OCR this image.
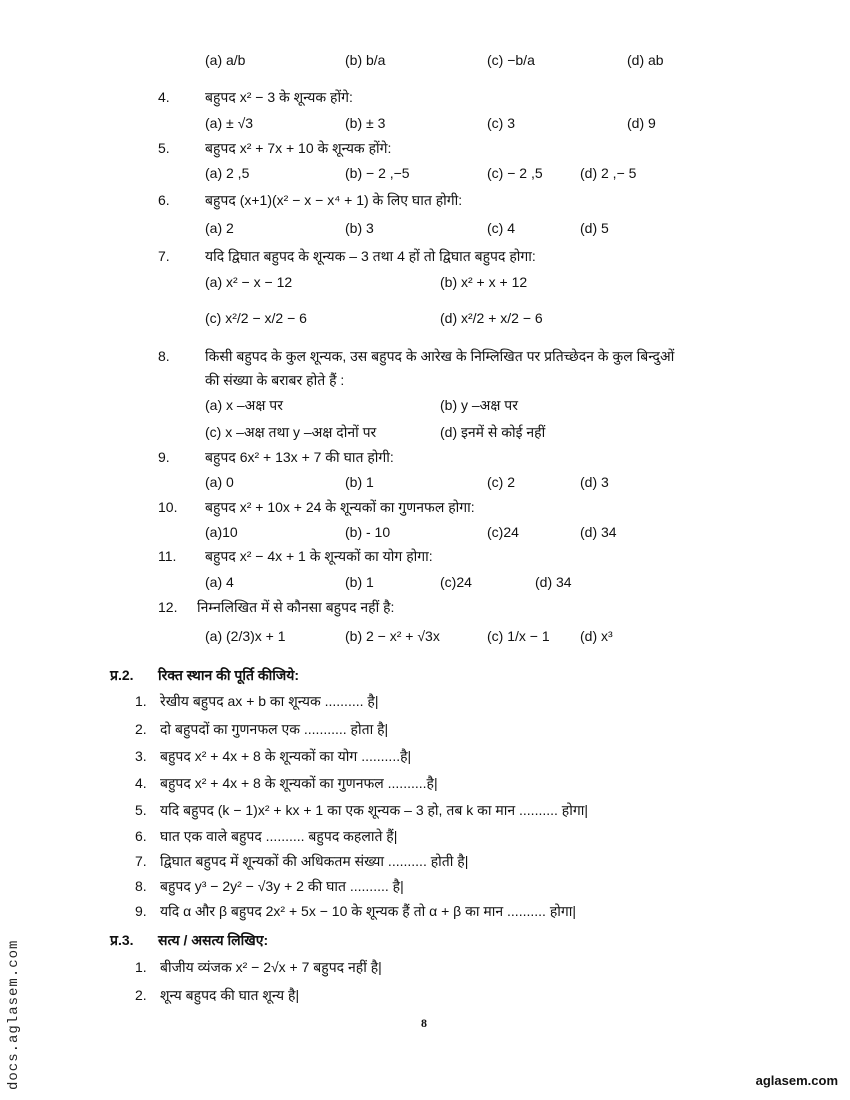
(a) a/b	(b) b/a	(c) −b/a	(d) ab
4.	बहुपद x² − 3 के शून्यक होंगे:
(a) ± √3	(b) ± 3	(c) 3	(d) 9
5.	बहुपद x² + 7x + 10 के शून्यक होंगे:
(a) 2 ,5	(b) − 2 ,−5	(c) − 2 ,5	(d) 2 ,− 5
6.	बहुपद (x+1)(x² − x − x⁴ + 1) के लिए घात होगी:
(a) 2	(b) 3	(c) 4	(d) 5
7.	यदि द्विघात बहुपद के शून्यक – 3 तथा 4 हों तो द्विघात बहुपद होगा:
(a) x² − x − 12	(b) x² + x + 12
(c) x²/2 − x/2 − 6	(d) x²/2 + x/2 − 6
8.	किसी बहुपद के कुल शून्यक, उस बहुपद के आरेख के निम्लिखित पर प्रतिच्छेदन के कुल बिन्दुओं
की संख्या के बराबर होते हैं :
(a) x –अक्ष पर	(b) y –अक्ष पर
(c) x –अक्ष तथा y –अक्ष दोनों पर	(d) इनमें से कोई नहीं
9.	बहुपद 6x² + 13x + 7 की घात होगी:
(a) 0	(b) 1	(c) 2	(d) 3
10. बहुपद x² + 10x + 24 के शून्यकों का गुणनफल होगा:
(a)10	(b) - 10	(c)24	(d) 34
11. बहुपद x² − 4x + 1 के शून्यकों का योग होगा:
(a) 4	(b) 1	(c)24	(d) 34
12. निम्नलिखित में से कौनसा बहुपद नहीं है:
(a) (2/3)x + 1	(b) 2 − x² + √3x	(c) 1/x − 1 (d) x³
प्र.2. रिक्त स्थान की पूर्ति कीजिये:
1. रेखीय बहुपद ax + b का शून्यक .......... है|
2. दो बहुपदों का गुणनफल एक ........... होता है|
3. बहुपद x² + 4x + 8 के शून्यकों का योग ..........है|
4. बहुपद x² + 4x + 8 के शून्यकों का गुणनफल ..........है|
5. यदि बहुपद (k − 1)x² + kx + 1 का एक शून्यक – 3 हो, तब k का मान .......... होगा|
6. घात एक वाले बहुपद .......... बहुपद कहलाते हैं|
7. द्विघात बहुपद में शून्यकों की अधिकतम संख्या .......... होती है|
8. बहुपद y³ − 2y² − √3y + 2 की घात .......... है|
9. यदि α और β बहुपद 2x² + 5x − 10 के शून्यक हैं तो α + β का मान .......... होगा|
प्र.3. सत्य / असत्य लिखिए:
1. बीजीय व्यंजक x² − 2√x + 7 बहुपद नहीं है|
2. शून्य बहुपद की घात शून्य है|
8
docs.aglasem.com	aglasem.com
